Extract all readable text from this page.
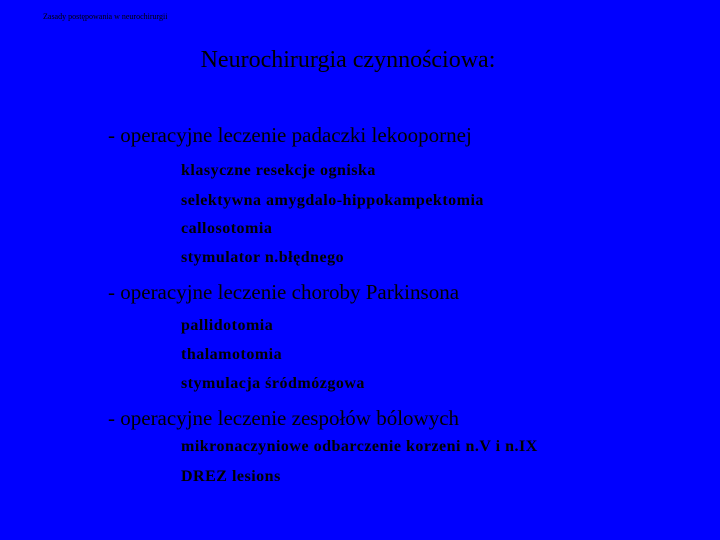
Zasady postępowania w neurochirurgii
Neurochirurgia czynnościowa:
- operacyjne leczenie padaczki lekoopornej
klasyczne resekcje ogniska
selektywna amygdalo-hippokampektomia
callosotomia
stymulator n.błędnego
- operacyjne leczenie choroby Parkinsona
pallidotomia
thalamotomia
stymulacja śródmózgowa
- operacyjne leczenie zespołów bólowych
mikronaczyniowe odbarczenie korzeni n.V i n.IX
DREZ lesions
